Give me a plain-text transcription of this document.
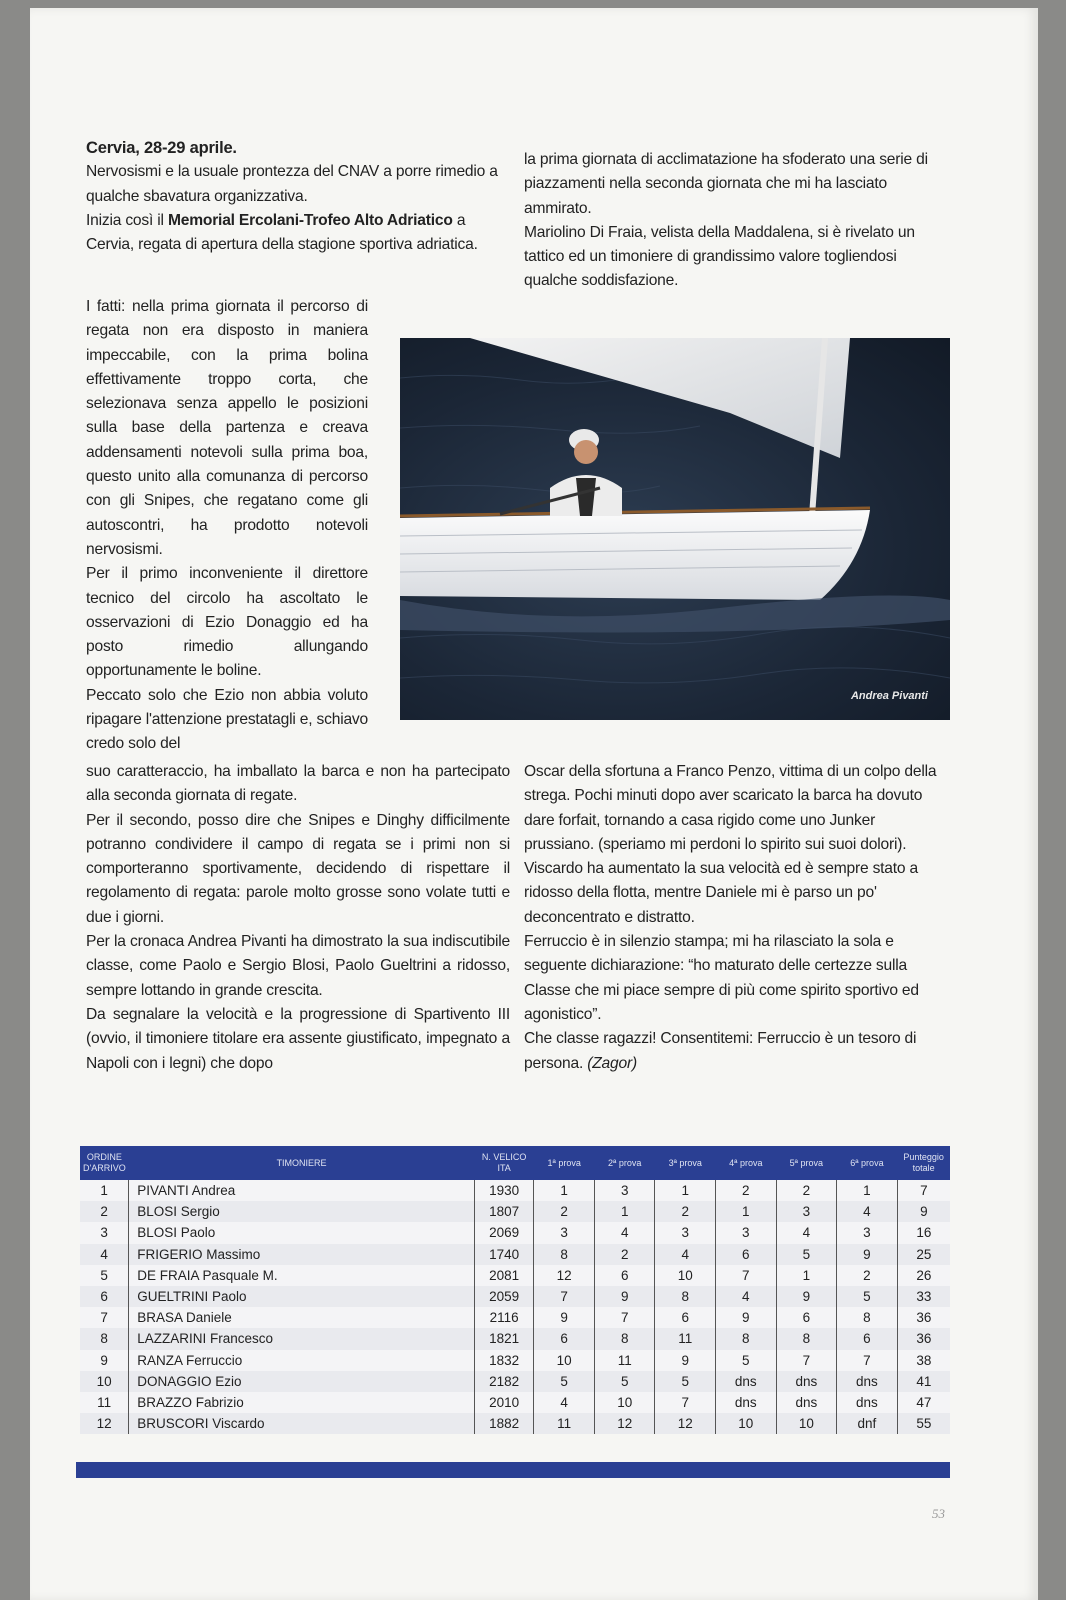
Cervia, 28-29 aprile.

Nervosismi e la usuale prontezza del CNAV a porre rimedio a qualche sbavatura organizzativa.

Inizia così il Memorial Ercolani-Trofeo Alto Adriatico a Cervia, regata di apertura della stagione sportiva adriatica.

I fatti: nella prima giornata il percorso di regata non era disposto in maniera impeccabile, con la prima bolina effettivamente troppo corta, che selezionava senza appello le posizioni sulla base della partenza e creava addensamenti notevoli sulla prima boa, questo unito alla comunanza di percorso con gli Snipes, che regatano come gli autoscontri, ha prodotto notevoli nervosismi.

Per il primo inconveniente il direttore tecnico del circolo ha ascoltato le osservazioni di Ezio Donaggio ed ha posto rimedio allungando opportunamente le boline.

Peccato solo che Ezio non abbia voluto ripagare l'attenzione prestatagli e, schiavo credo solo del

suo caratteraccio, ha imballato la barca e non ha partecipato alla seconda giornata di regate.

Per il secondo, posso dire che Snipes e Dinghy difficilmente potranno condividere il campo di regata se i primi non si comporteranno sportivamente, decidendo di rispettare il regolamento di regata: parole molto grosse sono volate tutti e due i giorni.

Per la cronaca Andrea Pivanti ha dimostrato la sua indiscutibile classe, come Paolo e Sergio Blosi, Paolo Gueltrini a ridosso, sempre lottando in grande crescita.

Da segnalare la velocità e la progressione di Spartivento III (ovvio, il timoniere titolare era assente giustificato, impegnato a Napoli con i legni) che dopo

la prima giornata di acclimatazione ha sfoderato una serie di piazzamenti nella seconda giornata che mi ha lasciato ammirato.

Mariolino Di Fraia, velista della Maddalena, si è rivelato un tattico ed un timoniere di grandissimo valore togliendosi qualche soddisfazione.

Oscar della sfortuna a Franco Penzo, vittima di un colpo della strega. Pochi minuti dopo aver scaricato la barca ha dovuto dare forfait, tornando a casa rigido come uno Junker prussiano. (speriamo mi perdoni lo spirito sui suoi dolori).

Viscardo ha aumentato la sua velocità ed è sempre stato a ridosso della flotta, mentre Daniele mi è parso un po' deconcentrato e distratto.

Ferruccio è in silenzio stampa; mi ha rilasciato la sola e seguente dichiarazione: “ho maturato delle certezze sulla Classe che mi piace sempre di più come spirito sportivo ed agonistico”.

Che classe ragazzi! Consentitemi: Ferruccio è un tesoro di persona. (Zagor)

Andrea Pivanti
ORDINE D'ARRIVO	TIMONIERE	N. VELICO ITA	1ª prova	2ª prova	3ª prova	4ª prova	5ª prova	6ª prova	Punteggio totale
1	PIVANTI Andrea	1930	1	3	1	2	2	1	7
2	BLOSI Sergio	1807	2	1	2	1	3	4	9
3	BLOSI Paolo	2069	3	4	3	3	4	3	16
4	FRIGERIO Massimo	1740	8	2	4	6	5	9	25
5	DE FRAIA Pasquale M.	2081	12	6	10	7	1	2	26
6	GUELTRINI Paolo	2059	7	9	8	4	9	5	33
7	BRASA Daniele	2116	9	7	6	9	6	8	36
8	LAZZARINI Francesco	1821	6	8	11	8	8	6	36
9	RANZA Ferruccio	1832	10	11	9	5	7	7	38
10	DONAGGIO Ezio	2182	5	5	5	dns	dns	dns	41
11	BRAZZO Fabrizio	2010	4	10	7	dns	dns	dns	47
12	BRUSCORI Viscardo	1882	11	12	12	10	10	dnf	55
53
